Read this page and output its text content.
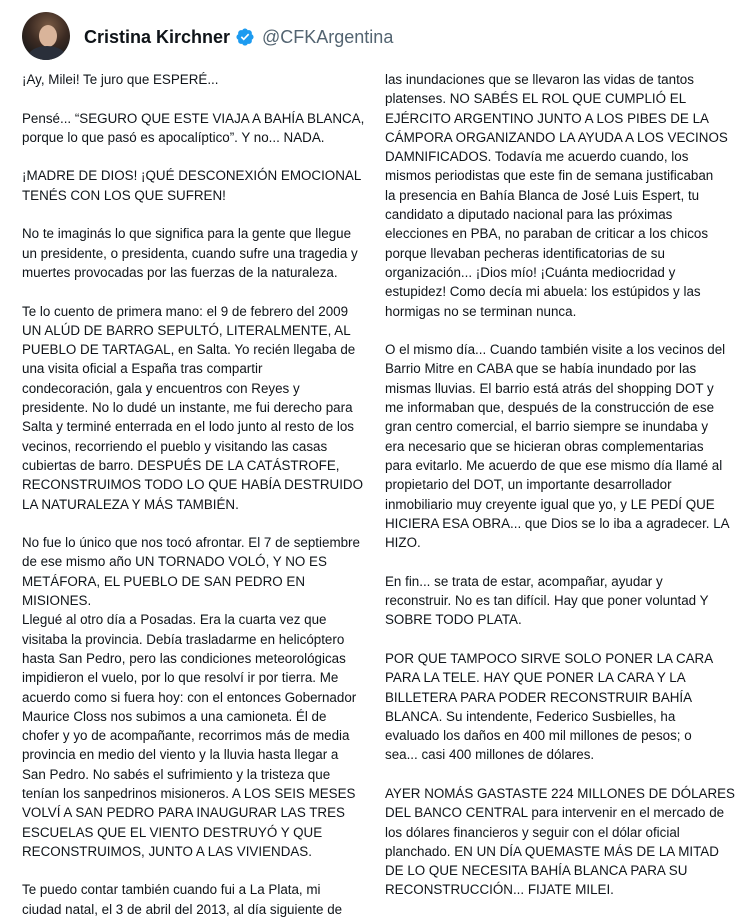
Cristina Kirchner @CFKArgentina

¡Ay, Milei! Te juro que ESPERÉ...

Pensé... “SEGURO QUE ESTE VIAJA A BAHÍA BLANCA,
porque lo que pasó es apocalíptico”. Y no... NADA.

¡MADRE DE DIOS! ¡QUÉ DESCONEXIÓN EMOCIONAL
TENÉS CON LOS QUE SUFREN!

No te imaginás lo que significa para la gente que llegue
un presidente, o presidenta, cuando sufre una tragedia y
muertes provocadas por las fuerzas de la naturaleza.

Te lo cuento de primera mano: el 9 de febrero del 2009
UN ALÚD DE BARRO SEPULTÓ, LITERALMENTE, AL
PUEBLO DE TARTAGAL, en Salta. Yo recién llegaba de
una visita oficial a España tras compartir
condecoración, gala y encuentros con Reyes y
presidente. No lo dudé un instante, me fui derecho para
Salta y terminé enterrada en el lodo junto al resto de los
vecinos, recorriendo el pueblo y visitando las casas
cubiertas de barro. DESPUÉS DE LA CATÁSTROFE,
RECONSTRUIMOS TODO LO QUE HABÍA DESTRUIDO
LA NATURALEZA Y MÁS TAMBIÉN.

No fue lo único que nos tocó afrontar. El 7 de septiembre
de ese mismo año UN TORNADO VOLÓ, Y NO ES
METÁFORA, EL PUEBLO DE SAN PEDRO EN MISIONES.
Llegué al otro día a Posadas. Era la cuarta vez que
visitaba la provincia. Debía trasladarme en helicóptero
hasta San Pedro, pero las condiciones meteorológicas
impidieron el vuelo, por lo que resolví ir por tierra. Me
acuerdo como si fuera hoy: con el entonces Gobernador
Maurice Closs nos subimos a una camioneta. Él de
chofer y yo de acompañante, recorrimos más de media
provincia en medio del viento y la lluvia hasta llegar a
San Pedro. No sabés el sufrimiento y la tristeza que
tenían los sanpedrinos misioneros. A LOS SEIS MESES
VOLVÍ A SAN PEDRO PARA INAUGURAR LAS TRES
ESCUELAS QUE EL VIENTO DESTRUYÓ Y QUE
RECONSTRUIMOS, JUNTO A LAS VIVIENDAS.

Te puedo contar también cuando fui a La Plata, mi
ciudad natal, el 3 de abril del 2013, al día siguiente de

las inundaciones que se llevaron las vidas de tantos
platenses. NO SABÉS EL ROL QUE CUMPLIÓ EL
EJÉRCITO ARGENTINO JUNTO A LOS PIBES DE LA
CÁMPORA ORGANIZANDO LA AYUDA A LOS VECINOS
DAMNIFICADOS. Todavía me acuerdo cuando, los
mismos periodistas que este fin de semana justificaban
la presencia en Bahía Blanca de José Luis Espert, tu
candidato a diputado nacional para las próximas
elecciones en PBA, no paraban de criticar a los chicos
porque llevaban pecheras identificatorias de su
organización... ¡Dios mío! ¡Cuánta mediocridad y
estupidez! Como decía mi abuela: los estúpidos y las
hormigas no se terminan nunca.

O el mismo día... Cuando también visite a los vecinos del
Barrio Mitre en CABA que se había inundado por las
mismas lluvias. El barrio está atrás del shopping DOT y
me informaban que, después de la construcción de ese
gran centro comercial, el barrio siempre se inundaba y
era necesario que se hicieran obras complementarias
para evitarlo. Me acuerdo de que ese mismo día llamé al
propietario del DOT, un importante desarrollador
inmobiliario muy creyente igual que yo, y LE PEDÍ QUE
HICIERA ESA OBRA... que Dios se lo iba a agradecer. LA
HIZO.

En fin... se trata de estar, acompañar, ayudar y
reconstruir. No es tan difícil. Hay que poner voluntad Y
SOBRE TODO PLATA.

POR QUE TAMPOCO SIRVE SOLO PONER LA CARA
PARA LA TELE. HAY QUE PONER LA CARA Y LA
BILLETERA PARA PODER RECONSTRUIR BAHÍA
BLANCA. Su intendente, Federico Susbielles, ha
evaluado los daños en 400 mil millones de pesos; o
sea... casi 400 millones de dólares.

AYER NOMÁS GASTASTE 224 MILLONES DE DÓLARES
DEL BANCO CENTRAL para intervenir en el mercado de
los dólares financieros y seguir con el dólar oficial
planchado. EN UN DÍA QUEMASTE MÁS DE LA MITAD
DE LO QUE NECESITA BAHÍA BLANCA PARA SU
RECONSTRUCCIÓN... FIJATE MILEI.
